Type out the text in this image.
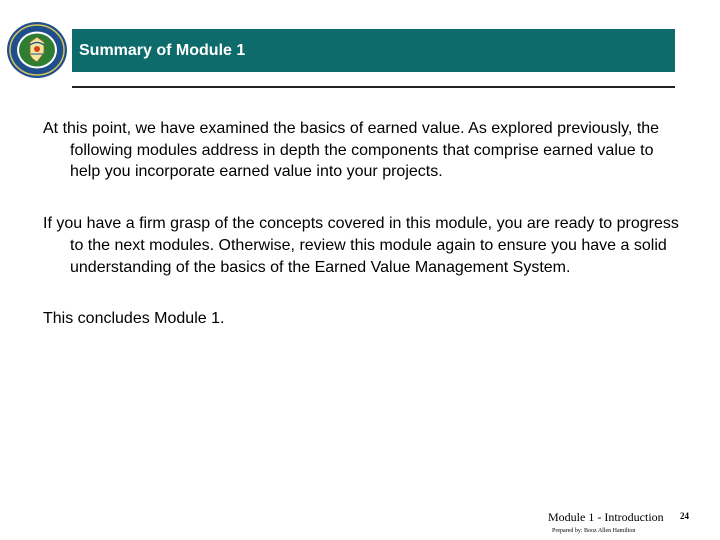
Summary of Module 1

At this point, we have examined the basics of earned value. As explored previously, the following modules address in depth the components that comprise earned value to help you incorporate earned value into your projects.

If you have a firm grasp of the concepts covered in this module, you are ready to progress to the next modules. Otherwise, review this module again to ensure you have a solid understanding of the basics of the Earned Value Management System.

This concludes Module 1.

Module 1 - Introduction 24
Prepared by: Booz Allen Hamilton
